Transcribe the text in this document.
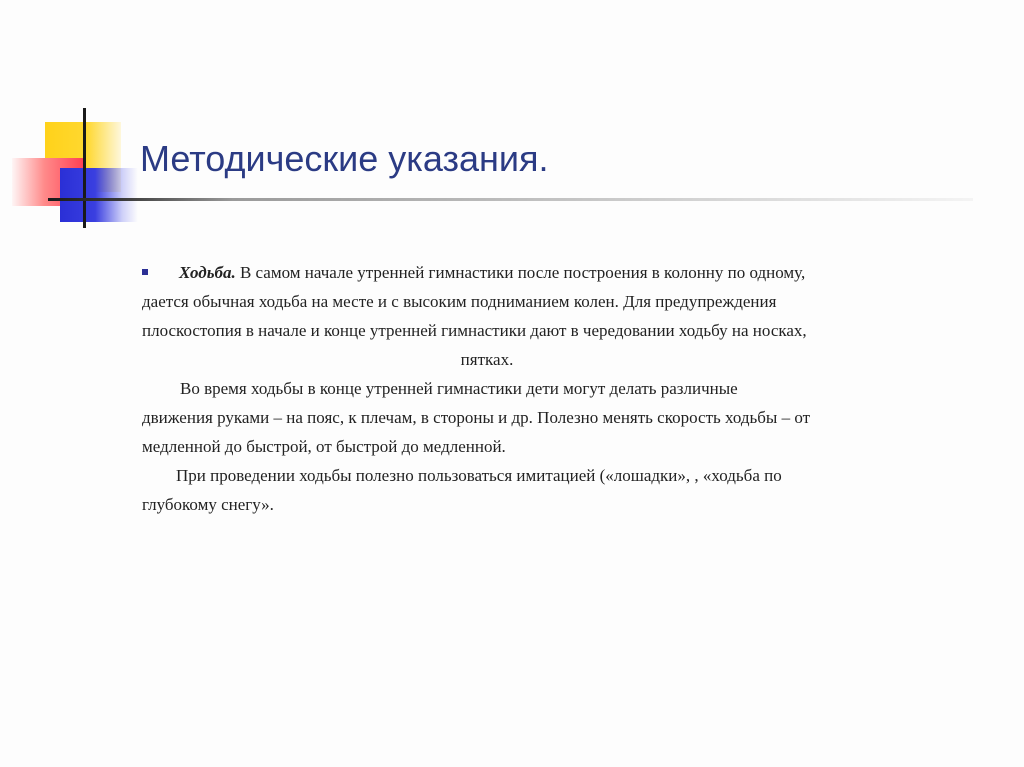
Методические указания.

Ходьба. В самом начале утренней гимнастики после построения в колонну по одному,

дается обычная ходьба на месте и с высоким подниманием колен. Для предупреждения

плоскостопия в начале и конце утренней гимнастики дают в чередовании ходьбу на носках,

пятках.

Во время ходьбы в конце утренней гимнастики дети могут делать различные

движения руками – на пояс, к плечам, в стороны и др. Полезно менять скорость ходьбы – от

медленной до быстрой, от быстрой до медленной.

При проведении ходьбы полезно пользоваться имитацией («лошадки», , «ходьба по

глубокому снегу».
